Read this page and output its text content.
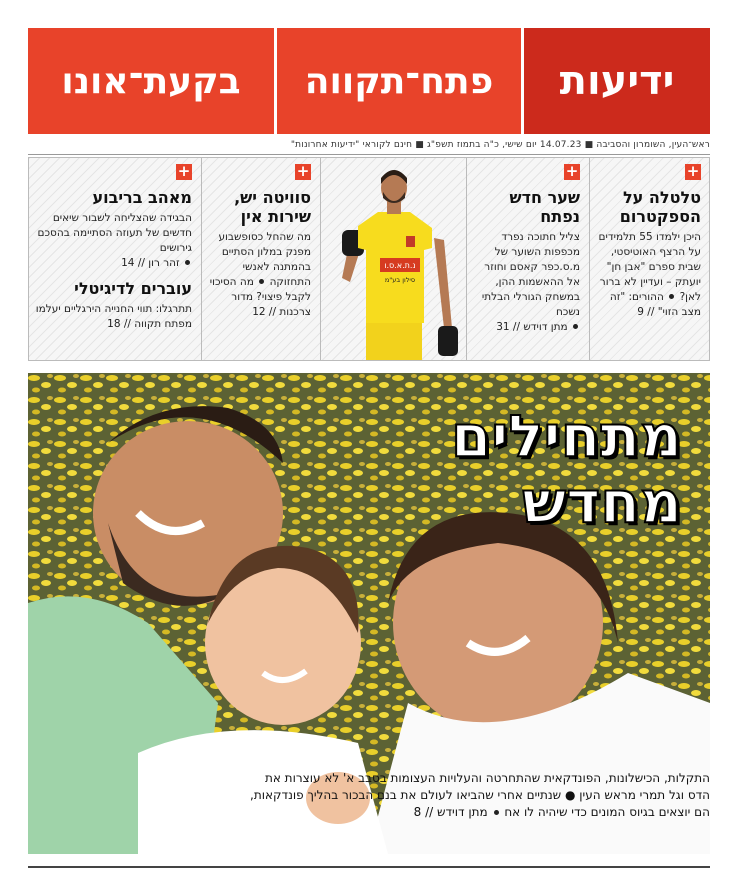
ידיעות
פתח־תקווה
בקעת־אונו
ראש־העין, השומרון והסביבה ■ 14.07.23 יום שישי, כ"ה בתמוז תשפ"ג ■ חינם לקוראי "ידיעות אחרונות"
+
טלטלה על הספקטרום
היכן ילמדו 55 תלמידים על הרצף האוטיסטי, שבית ספרם "אבן חן" יועתק – ועדיין לא ברור לאן?  ההורים: "זה מצב הזוי" // 9
+
שער חדש נפתח
צליל חתוכה נפרד מכפפות השוער של מ.ס.כפר קאסם וחוזר אל ההאשמות ההן, במשחק הגורלי הבלתי נשכח
מתן דוידש // 31
נ.ת.א.ס.ו
סילון בע"מ
+
סוויטה יש, שירות אין
מה שהחל כסופשבוע מפנק במלון הסתיים בהמתנה לאנשי התחזוקה  מה הסיכוי לקבל פיצוי? מדור צרכנות // 12
+
מאהב בריבוע
הבגידה שהצליחה לשבור שיאים חדשים של תעוזה הסתיימה בהסכם גירושים
זהר רון // 14
עוברים לדיגיטלי
תתרגלו: תווי החנייה הירגליים יעלמו
מפתח תקווה // 18
מתחילים
מחדש
התקלות, הכישלונות, הפונדקאית שהתחרטה והעלויות העצומות בסבב א' לא עוצרות את הדס וגל תמרי מראש העין ● שנתיים אחרי שהביאו לעולם את בנם הבכור בהליך פונדקאות, הם יוצאים בגיוס המונים כדי שיהיה לו אח  מתן דוידש // 8
